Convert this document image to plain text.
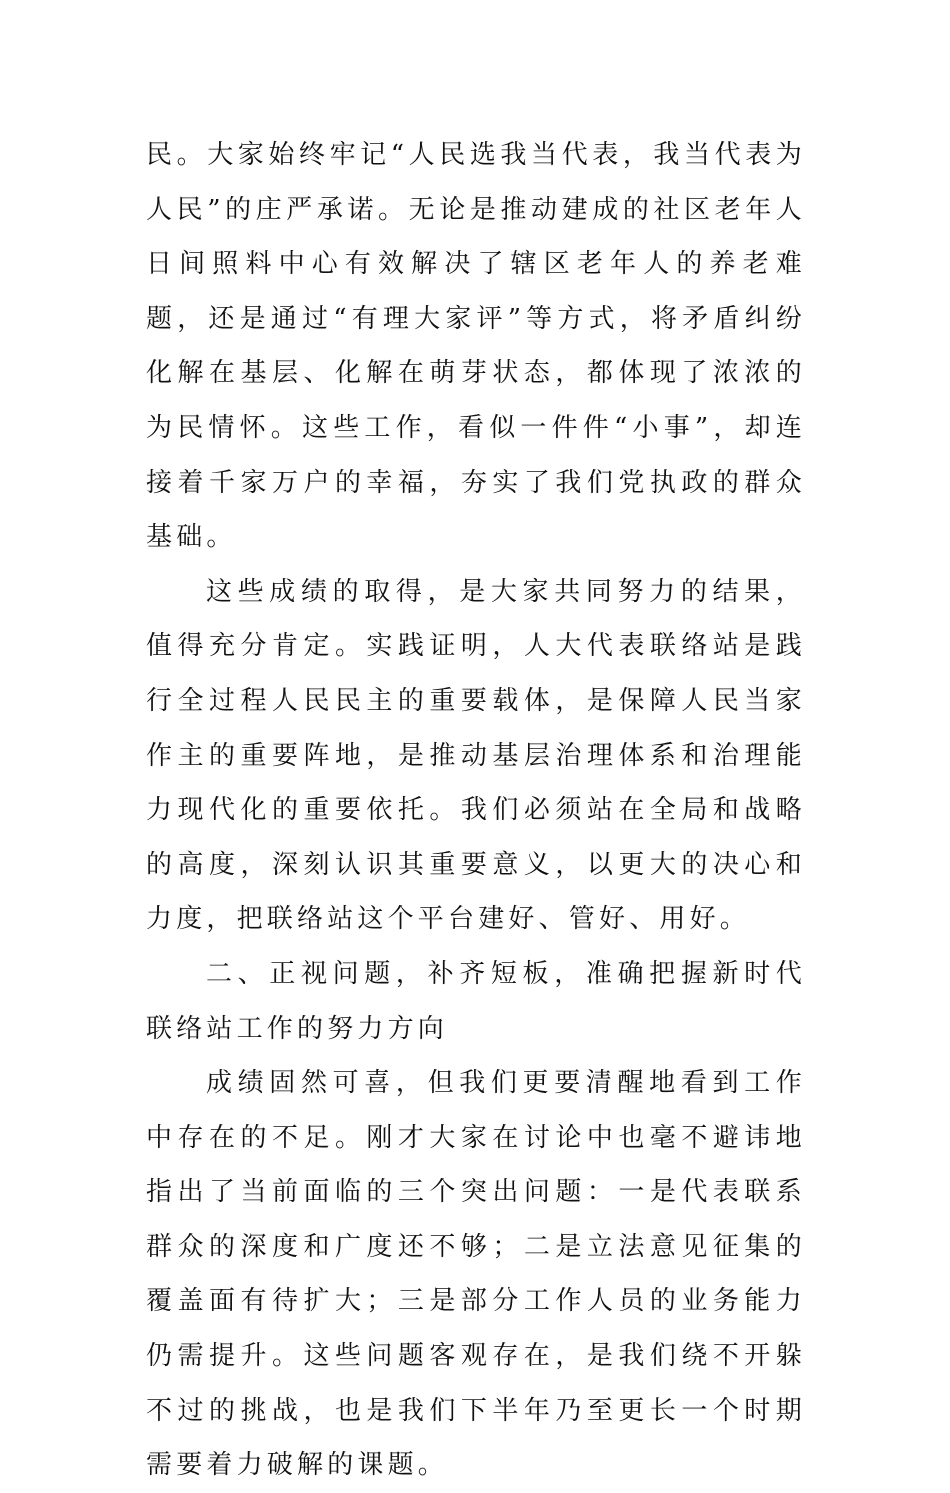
民。大家始终牢记“人民选我当代表，我当代表为人民”的庄严承诺。无论是推动建成的社区老年人日间照料中心有效解决了辖区老年人的养老难题，还是通过“有理大家评”等方式，将矛盾纠纷化解在基层、化解在萌芽状态，都体现了浓浓的为民情怀。这些工作，看似一件件“小事”，却连接着千家万户的幸福，夯实了我们党执政的群众基础。

这些成绩的取得，是大家共同努力的结果，值得充分肯定。实践证明，人大代表联络站是践行全过程人民民主的重要载体，是保障人民当家作主的重要阵地，是推动基层治理体系和治理能力现代化的重要依托。我们必须站在全局和战略的高度，深刻认识其重要意义，以更大的决心和力度，把联络站这个平台建好、管好、用好。

二、正视问题，补齐短板，准确把握新时代联络站工作的努力方向

成绩固然可喜，但我们更要清醒地看到工作中存在的不足。刚才大家在讨论中也毫不避讳地指出了当前面临的三个突出问题：一是代表联系群众的深度和广度还不够；二是立法意见征集的覆盖面有待扩大；三是部分工作人员的业务能力仍需提升。这些问题客观存在，是我们绕不开躲不过的挑战，也是我们下半年乃至更长一个时期需要着力破解的课题。
